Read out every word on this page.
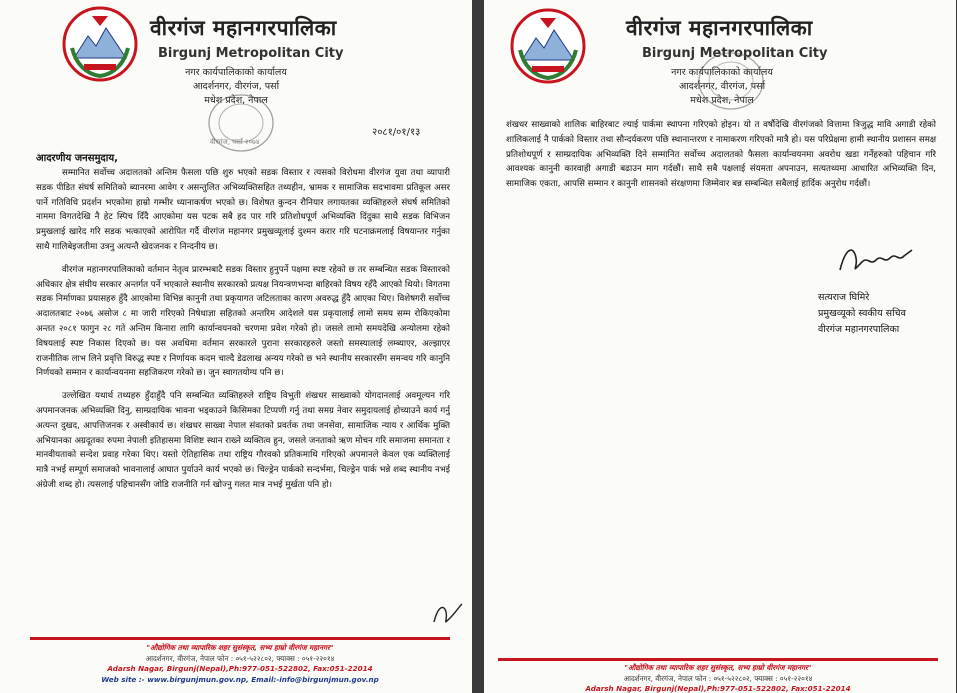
वीरगंज महानगरपालिका
Birgunj Metropolitan City
नगर कार्यपालिकाको कार्यालय
आदर्शनगर, वीरगंज, पर्सा
मधेश प्रदेश, नेपाल
वीरगंज, पर्सा २०७४
२०८१/०१/१३
आदरणीय जनसमुदाय,

सम्मानित सर्वोच्च अदालतको अन्तिम फैसला पछि शुरु भएको सडक विस्तार र त्यसको विरोधमा वीरगंज युवा तथा व्यापारी सडक पीडित संघर्ष समितिको ब्यानरमा आवेग र असन्तुलित अभिव्यक्तिसहित तथ्यहीन, भ्रामक र सामाजिक सदभावमा प्रतिकूल असर पार्ने गतिविधि प्रदर्शन भएकोमा हाम्रो गम्भीर ध्यानाकर्षण भएको छ। विशेषत कुन्दन रौनियार लगायतका व्यक्तिहरुले संघर्ष समितिको नाममा विगतदेखि नै हेट स्पिच दिँदै आएकोमा यस पटक सबै हद पार गरि प्रतिशोधपूर्ण अभिव्यक्ति दिंदुका साथै सडक विभिजन प्रमुखलाई खारेद गरि सडक भत्काएको आरोपित गर्दै वीरगंज महानगर प्रमुखव्यूलाई दुश्मन करार गरि घटनाक्रमलाई विषयान्तर गर्नुका साथै गालिबेइजतीमा उत्रनु अत्यन्तै खेदजनक र निन्दनीय छ।

वीरगंज महानगरपालिकाको वर्तमान नेतृत्व प्रारम्भबाटै सडक विस्तार हुनुपर्ने पक्षमा स्पष्ट रहेको छ तर सम्बन्धित सडक विस्तारको अधिकार क्षेत्र संघीय सरकार अन्तर्गत पर्ने भएकाले स्थानीय सरकारको प्रत्यक्ष नियन्त्रणभन्दा बाहिरको विषय रहँदै आएको थियो। विगतमा सडक निर्माणका प्रयासहरु हुँदै आएकोमा विभिन्न कानुनी तथा प्रकृयागत जटिलताका कारण अवरुद्ध हुँदै आएका थिए। विशेषगरी सर्वोच्च अदालतबाट २०७६ असोज ८ मा जारी गरिएको निषेधाज्ञा सहितको अन्तरिम आदेशले यस प्रकृयालाई लामो समय सम्म रोकिएकोमा अन्तत २०८१ फागुन २८ गते अन्तिम किनारा लागि कार्यान्वयनको चरणमा प्रवेश गरेको हो। जसले लामो समयदेखि अन्योलमा रहेको विषयलाई स्पष्ट निकास दिएको छ। यस अवधिमा वर्तमान सरकारले पुराना सरकारहरुले जस्तो समस्यालाई लम्ब्याएर, अल्झाएर राजनीतिक लाभ लिने प्रवृत्ति विरुद्ध स्पष्ट र निर्णायक कदम चाल्दै डेढलाख अन्यय गरेको छ भने स्थानीय सरकारसँग समन्वय गरि कानुनि निर्णयको सम्मान र कार्यान्वयनमा सहजिकरण गरेको छ। जुन स्वागतयोग्य पनि छ।

उल्लेखित यथार्थ तथ्यहरु हुँदाहुँदै पनि सम्बन्धित व्यक्तिहरुले राष्ट्रिय विभुती शंखधर साख्वाको योगदानलाई अवमूल्यन गरि अपमानजनक अभिव्यक्ति दिनु, साम्प्रदायिक भावना भड्काउने किसिमका टिप्पणी गर्नु तथा समग्र नेवार समुदायलाई होच्याउने कार्य गर्नु अत्यन्त दुखद, आपत्तिजनक र अस्वीकार्य छ। शंखधर साख्वा नेपाल संवतको प्रवर्तक तथा जनसेवा, सामाजिक न्याय र आर्थिक मुक्ति अभियानका अग्रदूतका रुपमा नेपाली इतिहासमा विशिष्ट स्थान राख्ने व्यक्तित्व हुन, जसले जनताको ऋण मोचन गरि समाजमा समानता र मानवीयताको सन्देश प्रवाह गरेका थिए। यस्तो ऐतिहासिक तथा राष्ट्रिय गौरवको प्रतिकमाथि गरिएको अपमानले केवल एक व्यक्तिलाई मात्रै नभई सम्पूर्ण समाजको भावनालाई आघात पुर्याउने कार्य भएको छ। चिल्ड्रेन पार्कको सन्दर्भमा, चिल्ड्रेन पार्क भन्ने शब्द स्थानीय नभई अंग्रेजी शब्द हो। त्यसलाई पहिचानसँग जोडि राजनीति गर्न खोज्नु गलत मात्र नभई मुर्खता पनि हो।

"औद्योगिक तथा व्यापारिक शहर सुसंस्कृत, सभ्य हाम्रो वीरगंज महानगर"
आदर्शनगर, वीरगंज, नेपाल फोन : ०५१-५२२८०२, फ्याक्स : ०५१-२२०१४
Adarsh Nagar, Birgunj(Nepal),Ph:977-051-522802, Fax:051-22014
Web site :- www.birgunjmun.gov.np, Email:-info@birgunjmun.gov.np
वीरगंज महानगरपालिका
Birgunj Metropolitan City
नगर कार्यपालिकाको कार्यालय
आदर्शनगर, वीरगंज, पर्सा
मधेश प्रदेश, नेपाल

शंखधर साख्वाको शालिक बाहिरबाट ल्याई पार्कमा स्थापना गरिएको होइन। यो त वर्षौदेखि वीरगंजको वित्तामा त्रिजुद्ध मावि अगाडी रहेको शालिकलाई नै पार्कको विस्तार तथा सौन्दर्यकरण पछि स्थानान्तरण र नामाकरण गरिएको मात्रै हो। यस परिप्रेक्षमा हामी स्थानीय प्रशासन समक्ष प्रतिशोधपूर्ण र साम्प्रदायिक अभिव्यक्ति दिने सम्मानित सर्वोच्च अदालतको फैसला कार्यान्वयनमा अवरोध खडा गर्नेहरुको पहिचान गरि आवश्यक कानुनी कारवाही अगाडी बढाउन माग गर्दछौं। साथै सबै पक्षलाई संयमता अपनाउन, सत्यतथ्यमा आधारित अभिव्यक्ति दिन, सामाजिक एकता, आपसि सम्मान र कानुनी शासनको संरक्षणमा जिम्मेवार बन्न सम्बन्धित सबैलाई हार्दिक अनुरोध गर्दछौं।

सत्यराज घिमिरे
प्रमुखव्यूको स्वकीय सचिव
वीरगंज महानगरपालिका
"औद्योगिक तथा व्यापारिक शहर सुसंस्कृत, सभ्य हाम्रो वीरगंज महानगर"
आदर्शनगर, वीरगंज, नेपाल फोन : ०५१-५२२८०२, फ्याक्स : ०५१-२२०१४
Adarsh Nagar, Birgunj(Nepal),Ph:977-051-522802, Fax:051-22014
